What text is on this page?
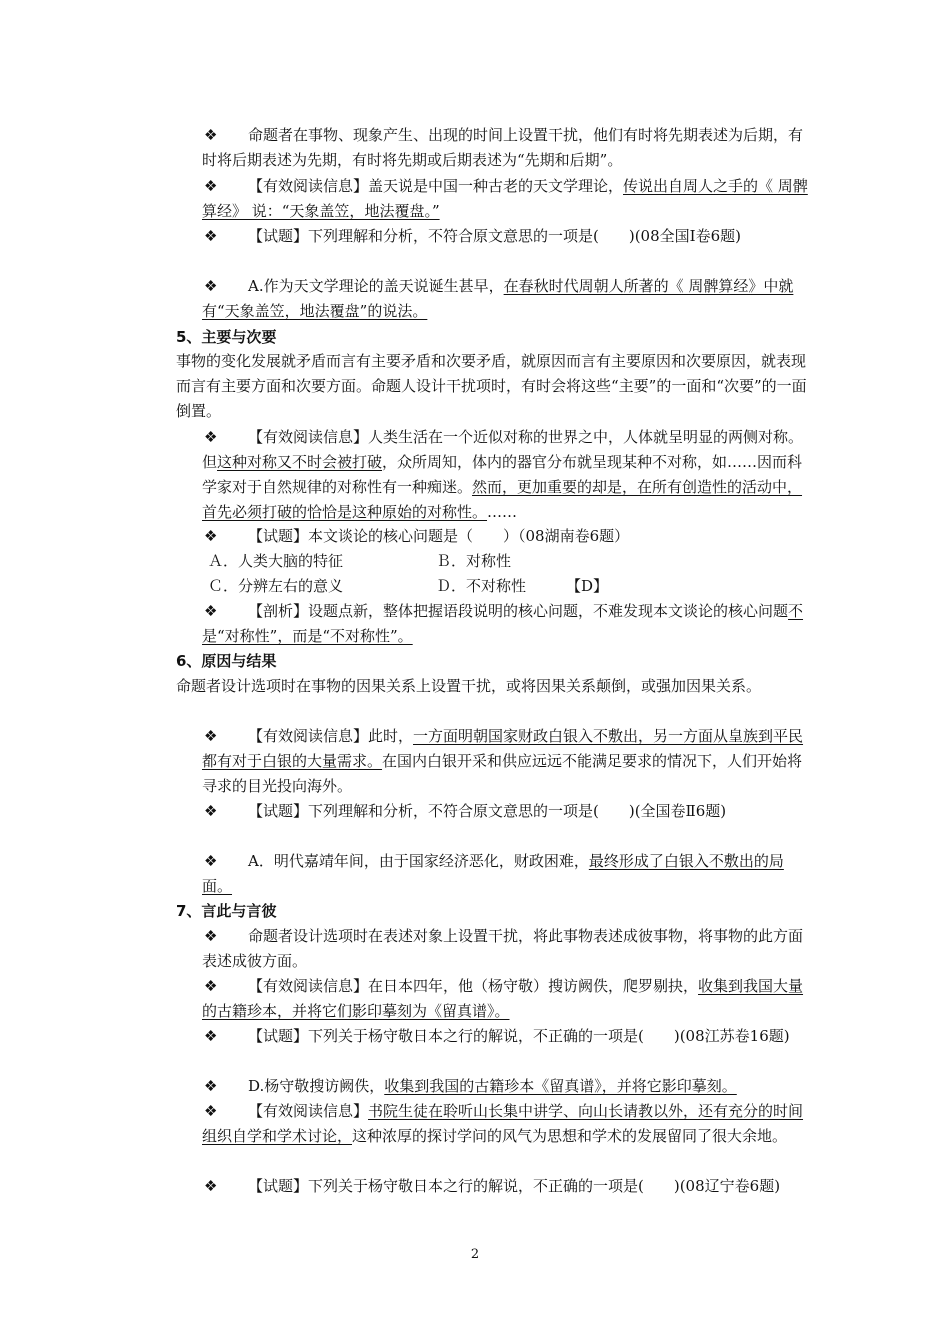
❖ 命题者在事物、现象产生、出现的时间上设置干扰，他们有时将先期表述为后期，有时将后期表述为先期，有时将先期或后期表述为“先期和后期”。
❖ 【有效阅读信息】盖天说是中国一种古老的天文学理论，传说出自周人之手的《 周髀算经》 说：“天象盖笠，地法覆盘。”
❖ 【试题】下列理解和分析，不符合原文意思的一项是(　　)(08全国Ⅰ卷6题)
❖ A.作为天文学理论的盖天说诞生甚早，在春秋时代周朝人所著的《 周髀算经》中就有“天象盖笠，地法覆盘”的说法。
5、主要与次要
事物的变化发展就矛盾而言有主要矛盾和次要矛盾，就原因而言有主要原因和次要原因，就表现而言有主要方面和次要方面。命题人设计干扰项时，有时会将这些“主要”的一面和“次要”的一面倒置。
❖ 【有效阅读信息】人类生活在一个近似对称的世界之中，人体就呈明显的两侧对称。但这种对称又不时会被打破，众所周知，体内的器官分布就呈现某种不对称，如……因而科学家对于自然规律的对称性有一种痴迷。然而，更加重要的却是，在所有创造性的活动中，首先必须打破的恰恰是这种原始的对称性。……
❖ 【试题】本文谈论的核心问题是（　　）（08湖南卷6题）
Ａ．人类大脑的特征	Ｂ．对称性
Ｃ．分辨左右的意义	Ｄ．不对称性	【D】
❖ 【剖析】设题点新，整体把握语段说明的核心问题，不难发现本文谈论的核心问题不是“对称性”，而是“不对称性”。
6、原因与结果
命题者设计选项时在事物的因果关系上设置干扰，或将因果关系颠倒，或强加因果关系。
❖ 【有效阅读信息】此时，一方面明朝国家财政白银入不敷出，另一方面从皇族到平民都有对于白银的大量需求。在国内白银开采和供应远远不能满足要求的情况下，人们开始将寻求的目光投向海外。
❖ 【试题】下列理解和分析，不符合原文意思的一项是(　　)(全国卷Ⅱ6题)
❖ A．明代嘉靖年间，由于国家经济恶化，财政困难，最终形成了白银入不敷出的局面。
7、言此与言彼
❖ 命题者设计选项时在表述对象上设置干扰，将此事物表述成彼事物，将事物的此方面表述成彼方面。
❖ 【有效阅读信息】在日本四年，他（杨守敬）搜访阙佚，爬罗剔抉，收集到我国大量的古籍珍本，并将它们影印摹刻为《留真谱》。
❖ 【试题】下列关于杨守敬日本之行的解说，不正确的一项是(　　)(08江苏卷16题)
❖ D.杨守敬搜访阙佚，收集到我国的古籍珍本《留真谱》，并将它影印摹刻。
❖ 【有效阅读信息】书院生徒在聆听山长集中讲学、向山长请教以外，还有充分的时间组织自学和学术讨论，这种浓厚的探讨学问的风气为思想和学术的发展留同了很大余地。
❖ 【试题】下列关于杨守敬日本之行的解说，不正确的一项是(　　)(08辽宁卷6题)
2
